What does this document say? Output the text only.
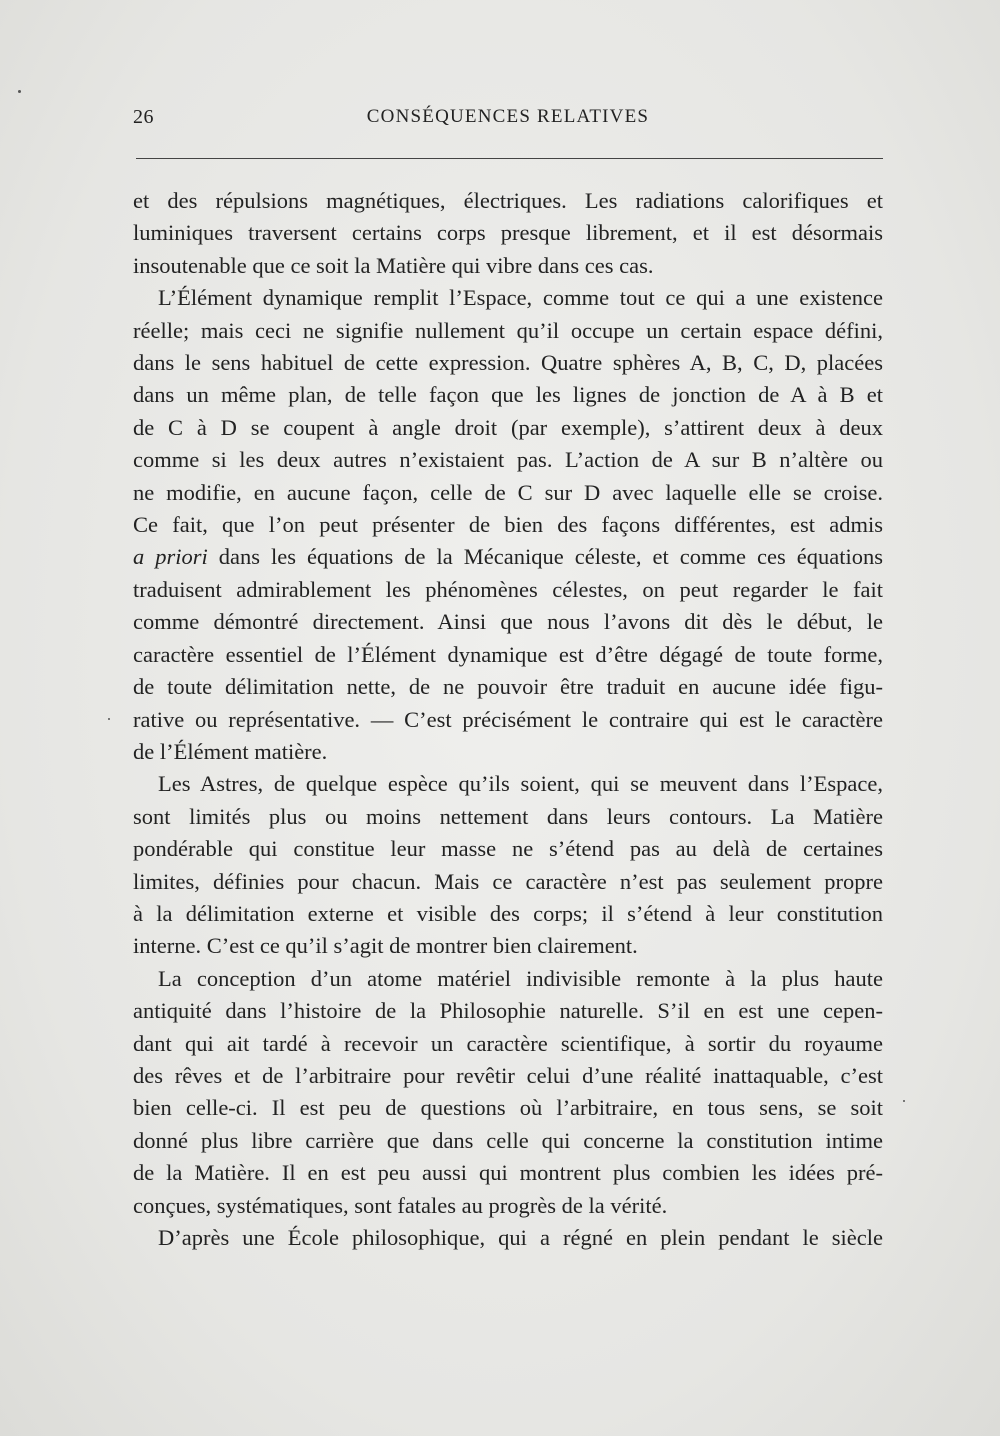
26	CONSÉQUENCES RELATIVES

et des répulsions magnétiques, électriques. Les radiations calorifiques et
luminiques traversent certains corps presque librement, et il est désormais
insoutenable que ce soit la Matière qui vibre dans ces cas.

L’Élément dynamique remplit l’Espace, comme tout ce qui a une existence
réelle; mais ceci ne signifie nullement qu’il occupe un certain espace défini,
dans le sens habituel de cette expression. Quatre sphères A, B, C, D, placées
dans un même plan, de telle façon que les lignes de jonction de A à B et
de C à D se coupent à angle droit (par exemple), s’attirent deux à deux
comme si les deux autres n’existaient pas. L’action de A sur B n’altère ou
ne modifie, en aucune façon, celle de C sur D avec laquelle elle se croise.
Ce fait, que l’on peut présenter de bien des façons différentes, est admis
a priori dans les équations de la Mécanique céleste, et comme ces équations
traduisent admirablement les phénomènes célestes, on peut regarder le fait
comme démontré directement. Ainsi que nous l’avons dit dès le début, le
caractère essentiel de l’Élément dynamique est d’être dégagé de toute forme,
de toute délimitation nette, de ne pouvoir être traduit en aucune idée figu-
rative ou représentative. — C’est précisément le contraire qui est le caractère
de l’Élément matière.

Les Astres, de quelque espèce qu’ils soient, qui se meuvent dans l’Espace,
sont limités plus ou moins nettement dans leurs contours. La Matière
pondérable qui constitue leur masse ne s’étend pas au delà de certaines
limites, définies pour chacun. Mais ce caractère n’est pas seulement propre
à la délimitation externe et visible des corps; il s’étend à leur constitution
interne. C’est ce qu’il s’agit de montrer bien clairement.

La conception d’un atome matériel indivisible remonte à la plus haute
antiquité dans l’histoire de la Philosophie naturelle. S’il en est une cepen-
dant qui ait tardé à recevoir un caractère scientifique, à sortir du royaume
des rêves et de l’arbitraire pour revêtir celui d’une réalité inattaquable, c’est
bien celle-ci. Il est peu de questions où l’arbitraire, en tous sens, se soit
donné plus libre carrière que dans celle qui concerne la constitution intime
de la Matière. Il en est peu aussi qui montrent plus combien les idées pré-
conçues, systématiques, sont fatales au progrès de la vérité.

D’après une École philosophique, qui a régné en plein pendant le siècle
